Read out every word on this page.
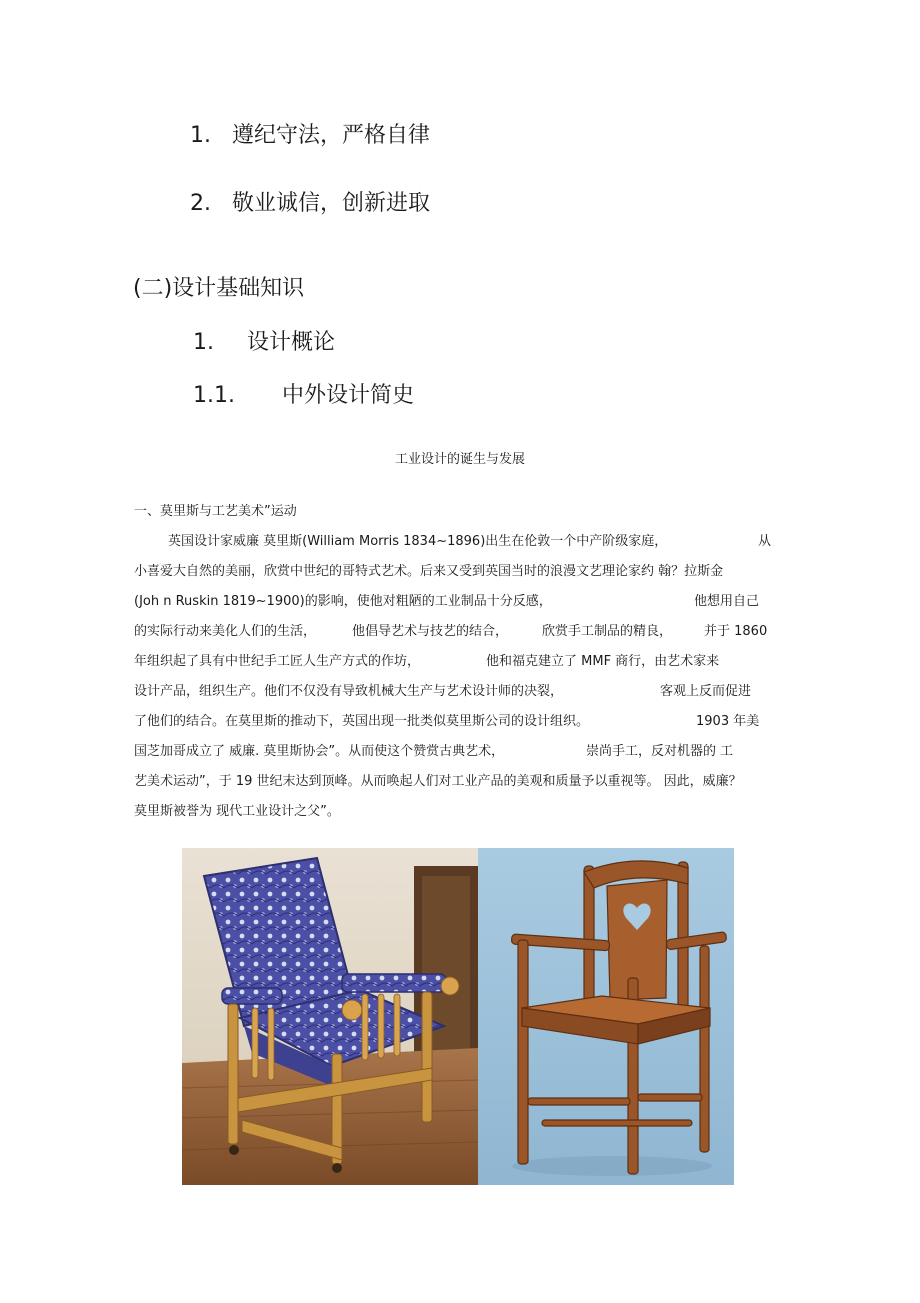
1. 遵纪守法，严格自律
2. 敬业诚信，创新进取
(二)设计基础知识
1. 设计概论
1.1. 中外设计简史
工业设计的诞生与发展
一、莫里斯与工艺美术”运动
英国设计家威廉 莫里斯(William Morris 1834~1896)出生在伦敦一个中产阶级家庭，	从
小喜爱大自然的美丽，欣赏中世纪的哥特式艺术。后来又受到英国当时的浪漫文艺理论家约 翰？拉斯金
(Joh n Ruskin 1819~1900)的影响，使他对粗陋的工业制品十分反感，	他想用自己
的实际行动来美化人们的生活，	他倡导艺术与技艺的结合，	欣赏手工制品的精良， 并于 1860
年组织起了具有中世纪手工匠人生产方式的作坊，	他和福克建立了 MMF 商行，由艺术家来
设计产品，组织生产。他们不仅没有导致机械大生产与艺术设计师的决裂，	客观上反而促进
了他们的结合。在莫里斯的推动下，英国出现一批类似莫里斯公司的设计组织。	1903 年美
国芝加哥成立了 威廉. 莫里斯协会”。从而使这个赞赏古典艺术，	崇尚手工，反对机器的 工
艺美术运动”，于 19 世纪末达到顶峰。从而唤起人们对工业产品的美观和质量予以重视等。 因此，威廉？
莫里斯被誉为 现代工业设计之父”。
